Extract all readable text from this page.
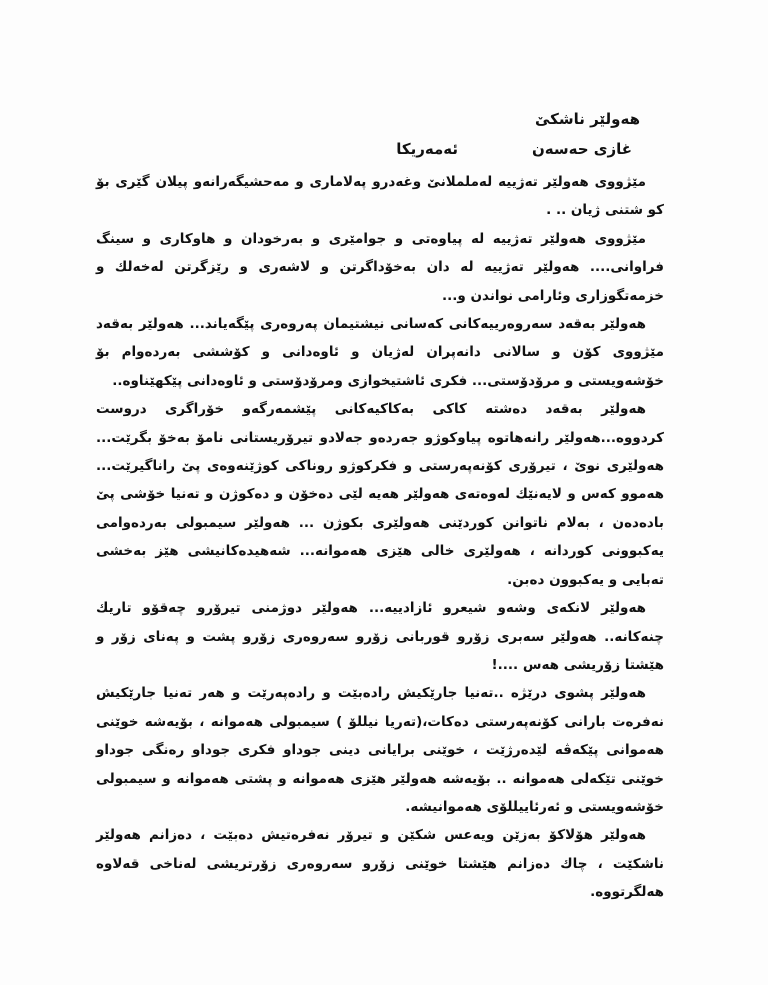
هەولێر ناشکێ
غازی حەسەن
ئەمەریکا

مێژووی هەولێر تەژییە لەململانێ وغەدرو پەلاماری و مەحشیگەرانەو پیلان گێری بۆ کو شتنی ژیان .. .

مێژووی هەولێر تەژییە لە پیاوەتی و جوامێری و بەرخودان و هاوکاری و سینگ فراوانی.... هەولێر تەژییە لە دان بەخۆداگرتن و لاشەری و رێزگرتن لەخەلك و خزمەتگوزاری وئارامی نواندن و...

هەولێر بەقەد سەروەرییەکانی کەسانی نیشتیمان پەروەری پێگەیاند... هەولێر بەقەد مێژووی کۆن و سالانی دانەپران لەژیان و ئاوەدانی و کۆششی بەردەوام بۆ خۆشەویستی و مرۆدۆستی... فکری ئاشتیخوازی ومرۆدۆستی و ئاوەدانی پێکهێناوە..

هەولێر بەقەد دەشتە کاکی بەکاکیەکانی پێشمەرگەو خۆراگری دروست کردووە...هەولێر رانەهاتوە پیاوکوژو جەردەو جەلادو تیرۆریستانی نامۆ بەخۆ بگرێت... هەولێری نوێ ، تیرۆری کۆنەپەرستی و فکرکوژو روناکی کوژێنەوەی پێ راناگیرێت... هەموو کەس و لایەنێك لەوەتەی هەولێر هەیە لێی دەخۆن و دەکوژن و تەنیا خۆشی پێ بادەدەن ، بەلام ناتوانن کوردێنی هەولێری بکوژن ... هەولێر سیمبولی بەردەوامی یەکبوونی کوردانە ، هەولێری خالی هێزی هەموانە... شەهیدەکانیشی هێز بەخشی تەبایی و یەکبوون دەبن.

هەولێر لانکەی وشەو شیعرو ئازادییە... هەولێر دوژمنی تیرۆرو چەقۆو تاریك چنەکانە.. هەولێر سەبری زۆرو قوربانی زۆرو سەروەری زۆرو پشت و پەنای زۆر و هێشتا زۆریشی هەس ....!

هەولێر پشوی درێژە ..تەنیا جارێکیش رادەبێت و رادەپەرێت و هەر تەنیا جارێکیش نەفرەت بارانی کۆنەپەرستی دەکات،(تەریا نیللۆ ) سیمبولی هەموانە ، بۆیەشە خوێنی هەموانی پێکەڤە لێدەرژێت ، خوێنی برایانی دینی جوداو فکری جوداو رەنگی جوداو خوێنی تێکەلی هەموانە .. بۆیەشە هەولێر هێزی هەموانە و پشتی هەموانە و سیمبولی خۆشەویستی و ئەرئاییللۆی هەموانیشە.

هەولێر هۆلاکۆ بەزێن ویەعس شکێن و تیرۆر نەفرەتیش دەبێت ، دەزانم هەولێر ناشکێت ، چاك دەزانم هێشتا خوێنی زۆرو سەروەری زۆرتریشی لەناخی قەلاوە هەلگرتووە.
